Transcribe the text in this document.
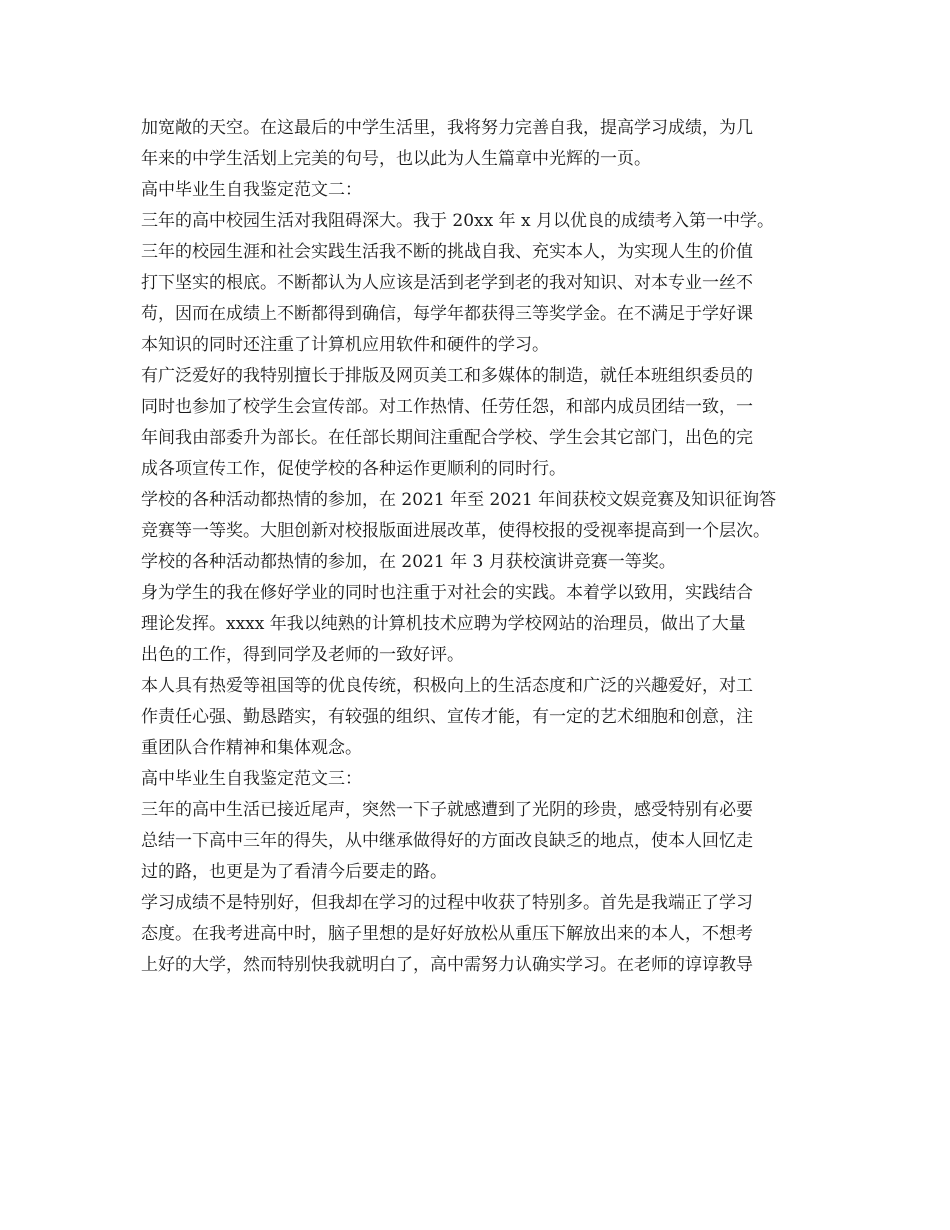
加宽敞的天空。在这最后的中学生活里，我将努力完善自我，提高学习成绩，为几
年来的中学生活划上完美的句号，也以此为人生篇章中光辉的一页。
高中毕业生自我鉴定范文二：
三年的高中校园生活对我阻碍深大。我于 20xx 年 x 月以优良的成绩考入第一中学。
三年的校园生涯和社会实践生活我不断的挑战自我、充实本人，为实现人生的价值
打下坚实的根底。不断都认为人应该是活到老学到老的我对知识、对本专业一丝不
苟，因而在成绩上不断都得到确信，每学年都获得三等奖学金。在不满足于学好课
本知识的同时还注重了计算机应用软件和硬件的学习。
有广泛爱好的我特别擅长于排版及网页美工和多媒体的制造，就任本班组织委员的
同时也参加了校学生会宣传部。对工作热情、任劳任怨，和部内成员团结一致，一
年间我由部委升为部长。在任部长期间注重配合学校、学生会其它部门，出色的完
成各项宣传工作，促使学校的各种运作更顺利的同时行。
学校的各种活动都热情的参加，在 2021 年至 2021 年间获校文娱竞赛及知识征询答
竞赛等一等奖。大胆创新对校报版面进展改革，使得校报的受视率提高到一个层次。
学校的各种活动都热情的参加，在 2021 年 3 月获校演讲竞赛一等奖。
身为学生的我在修好学业的同时也注重于对社会的实践。本着学以致用，实践结合
理论发挥。xxxx 年我以纯熟的计算机技术应聘为学校网站的治理员，做出了大量
出色的工作，得到同学及老师的一致好评。
本人具有热爱等祖国等的优良传统，积极向上的生活态度和广泛的兴趣爱好，对工
作责任心强、勤恳踏实，有较强的组织、宣传才能，有一定的艺术细胞和创意，注
重团队合作精神和集体观念。
高中毕业生自我鉴定范文三：
三年的高中生活已接近尾声，突然一下子就感遭到了光阴的珍贵，感受特别有必要
总结一下高中三年的得失，从中继承做得好的方面改良缺乏的地点，使本人回忆走
过的路，也更是为了看清今后要走的路。
学习成绩不是特别好，但我却在学习的过程中收获了特别多。首先是我端正了学习
态度。在我考进高中时，脑子里想的是好好放松从重压下解放出来的本人，不想考
上好的大学，然而特别快我就明白了，高中需努力认确实学习。在老师的谆谆教导
